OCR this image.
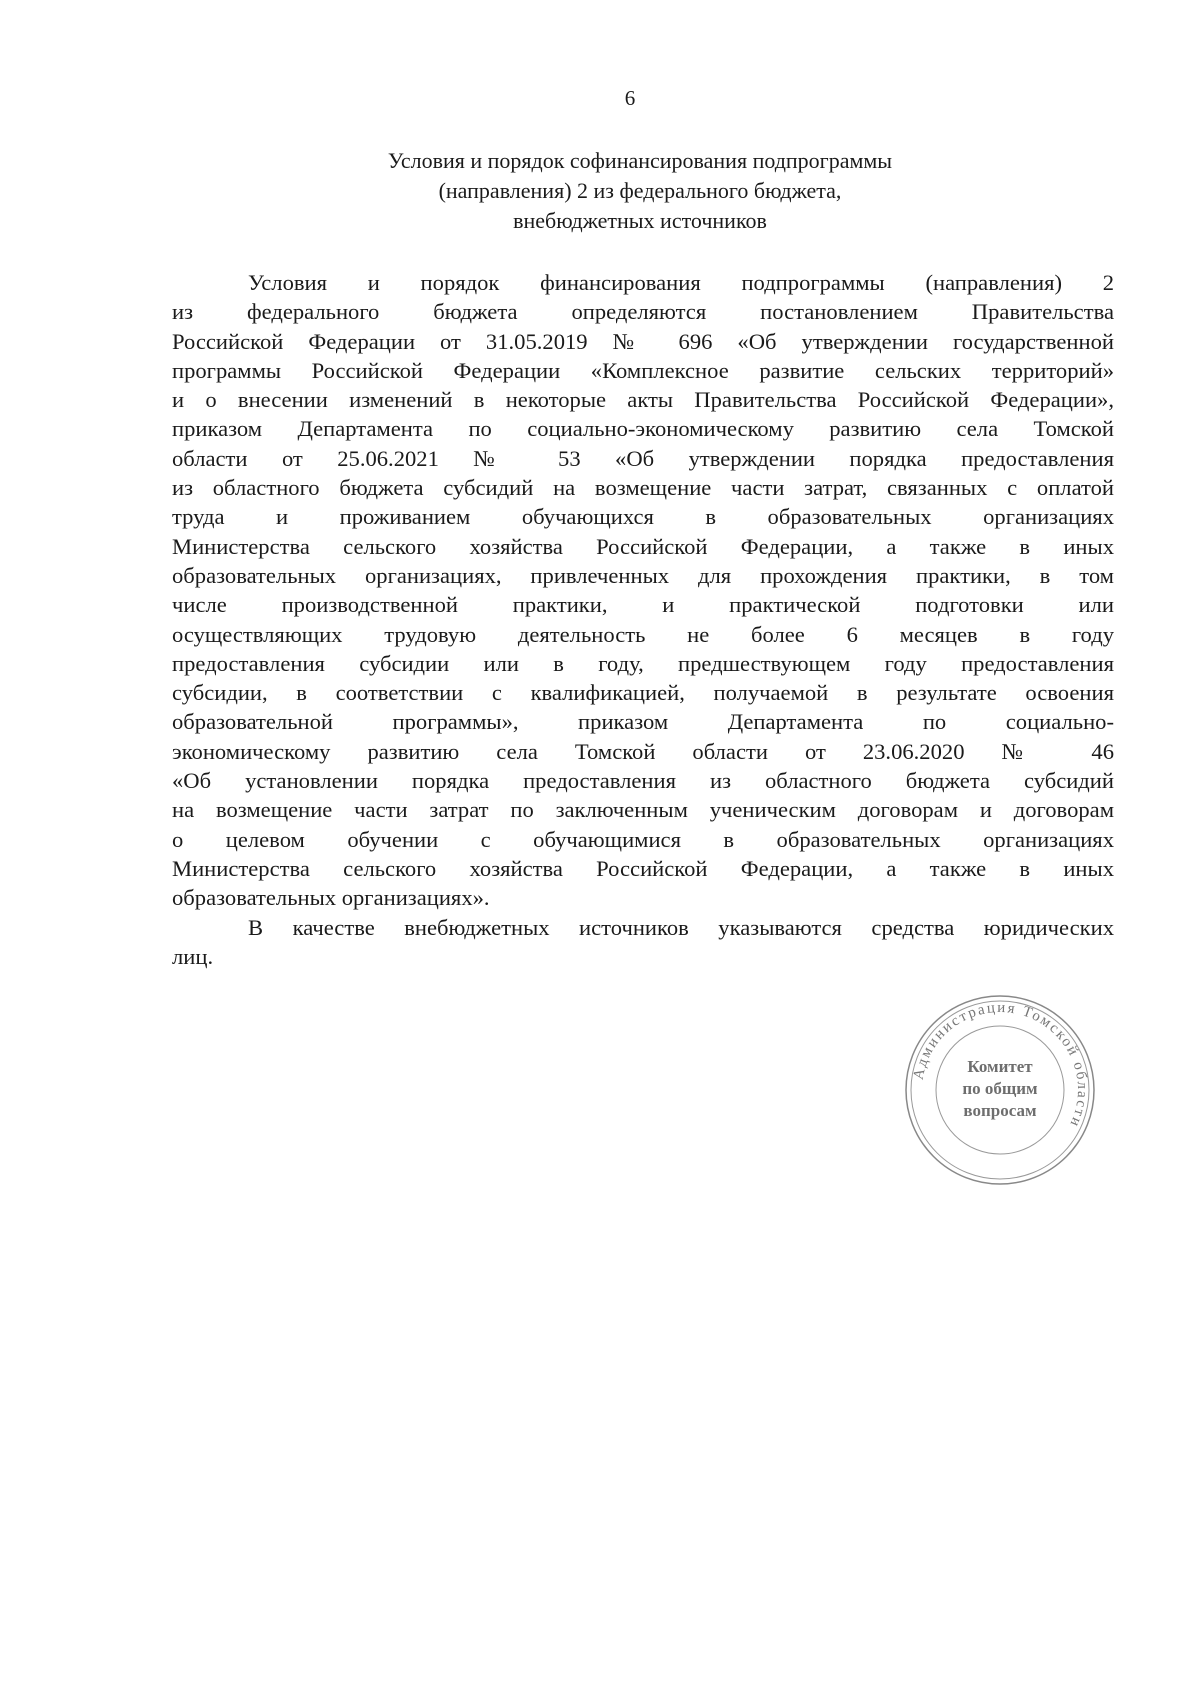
6
Условия и порядок софинансирования подпрограммы
(направления) 2 из федерального бюджета,
внебюджетных источников
Условия и порядок финансирования подпрограммы (направления) 2
из федерального бюджета определяются постановлением Правительства
Российской Федерации от 31.05.2019 № 696 «Об утверждении государственной
программы Российской Федерации «Комплексное развитие сельских территорий»
и о внесении изменений в некоторые акты Правительства Российской Федерации»,
приказом Департамента по социально-экономическому развитию села Томской
области от 25.06.2021 № 53 «Об утверждении порядка предоставления
из областного бюджета субсидий на возмещение части затрат, связанных с оплатой
труда и проживанием обучающихся в образовательных организациях
Министерства сельского хозяйства Российской Федерации, а также в иных
образовательных организациях, привлеченных для прохождения практики, в том
числе производственной практики, и практической подготовки или
осуществляющих трудовую деятельность не более 6 месяцев в году
предоставления субсидии или в году, предшествующем году предоставления
субсидии, в соответствии с квалификацией, получаемой в результате освоения
образовательной программы», приказом Департамента по социально-
экономическому развитию села Томской области от 23.06.2020 № 46
«Об установлении порядка предоставления из областного бюджета субсидий
на возмещение части затрат по заключенным ученическим договорам и договорам
о целевом обучении с обучающимися в образовательных организациях
Министерства сельского хозяйства Российской Федерации, а также в иных
образовательных организациях».
В качестве внебюджетных источников указываются средства юридических
лиц.
Администрация Томской области
Комитет
по общим
вопросам
